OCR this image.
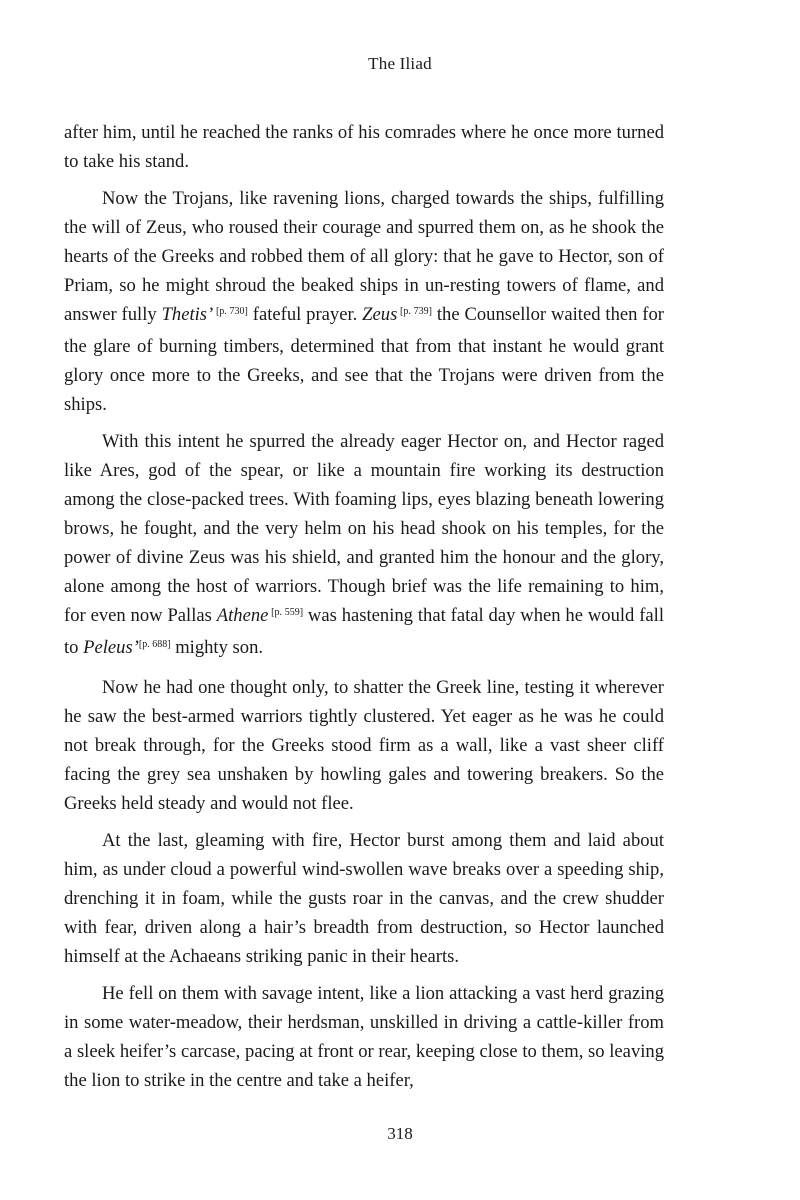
The Iliad

after him, until he reached the ranks of his comrades where he once more turned to take his stand.

Now the Trojans, like ravening lions, charged towards the ships, fulfilling the will of Zeus, who roused their courage and spurred them on, as he shook the hearts of the Greeks and robbed them of all glory: that he gave to Hector, son of Priam, so he might shroud the beaked ships in un-resting towers of flame, and answer fully Thetis’ [p. 730] fateful prayer. Zeus [p. 739] the Counsellor waited then for the glare of burning timbers, determined that from that instant he would grant glory once more to the Greeks, and see that the Trojans were driven from the ships.

With this intent he spurred the already eager Hector on, and Hector raged like Ares, god of the spear, or like a mountain fire working its destruction among the close-packed trees. With foaming lips, eyes blazing beneath lowering brows, he fought, and the very helm on his head shook on his temples, for the power of divine Zeus was his shield, and granted him the honour and the glory, alone among the host of warriors. Though brief was the life remaining to him, for even now Pallas Athene [p. 559] was hastening that fatal day when he would fall to Peleus’[p. 688] mighty son.

Now he had one thought only, to shatter the Greek line, testing it wherever he saw the best-armed warriors tightly clustered. Yet eager as he was he could not break through, for the Greeks stood firm as a wall, like a vast sheer cliff facing the grey sea unshaken by howling gales and towering breakers. So the Greeks held steady and would not flee.

At the last, gleaming with fire, Hector burst among them and laid about him, as under cloud a powerful wind-swollen wave breaks over a speeding ship, drenching it in foam, while the gusts roar in the canvas, and the crew shudder with fear, driven along a hair’s breadth from destruction, so Hector launched himself at the Achaeans striking panic in their hearts.

He fell on them with savage intent, like a lion attacking a vast herd grazing in some water-meadow, their herdsman, unskilled in driving a cattle-killer from a sleek heifer’s carcase, pacing at front or rear, keeping close to them, so leaving the lion to strike in the centre and take a heifer,

318
